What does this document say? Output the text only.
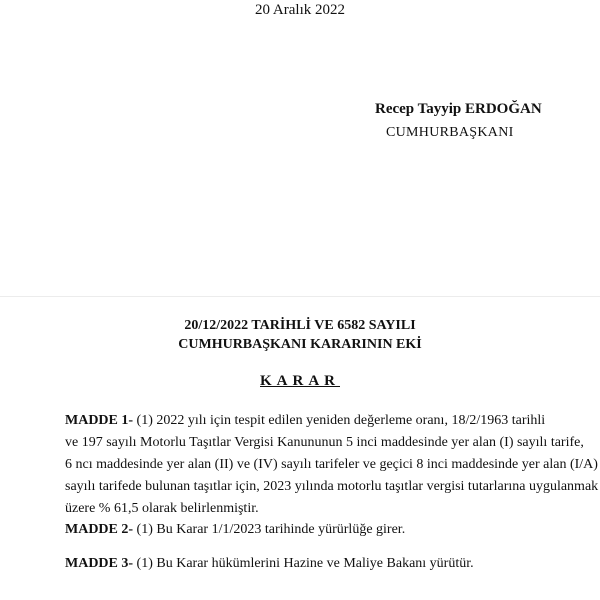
20 Aralık 2022
Recep Tayyip ERDOĞAN
CUMHURBAŞKANI
20/12/2022 TARİHLİ VE 6582 SAYILI
CUMHURBAŞKANI KARARININ EKİ
KARAR
MADDE 1- (1) 2022 yılı için tespit edilen yeniden değerleme oranı, 18/2/1963 tarihli
ve 197 sayılı Motorlu Taşıtlar Vergisi Kanununun 5 inci maddesinde yer alan (I) sayılı tarife,
6 ncı maddesinde yer alan (II) ve (IV) sayılı tarifeler ve geçici 8 inci maddesinde yer alan (I/A)
sayılı tarifede bulunan taşıtlar için, 2023 yılında motorlu taşıtlar vergisi tutarlarına uygulanmak
üzere % 61,5 olarak belirlenmiştir.
MADDE 2- (1) Bu Karar 1/1/2023 tarihinde yürürlüğe girer.
MADDE 3- (1) Bu Karar hükümlerini Hazine ve Maliye Bakanı yürütür.
